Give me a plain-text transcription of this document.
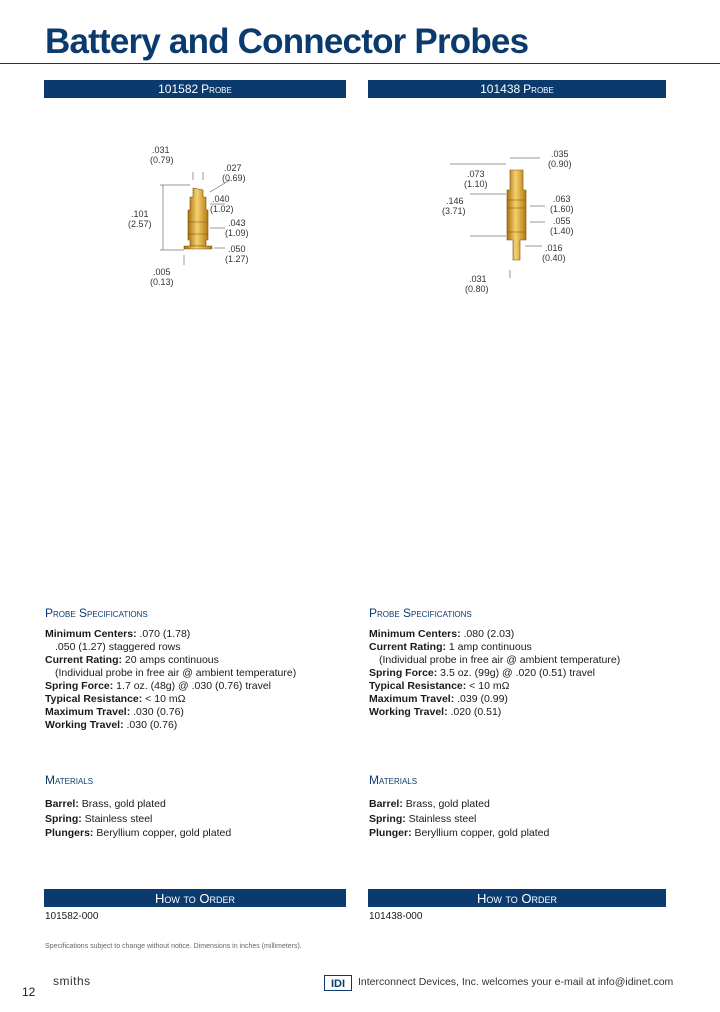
Battery and Connector Probes
101582 Probe
.031
(0.79)
.027
(0.69)
.040
(1.02)
.101
(2.57)	.043
(1.09)
.050
(1.27)
.005
(0.13)
Probe Specifications
Minimum Centers: .070 (1.78)
.050 (1.27) staggered rows
Current Rating: 20 amps continuous
(Individual probe in free air @ ambient temperature)
Spring Force: 1.7 oz. (48g) @ .030 (0.76) travel
Typical Resistance: < 10 mΩ
Maximum Travel: .030 (0.76)
Working Travel: .030 (0.76)
Materials
Barrel: Brass, gold plated
Spring: Stainless steel
Plungers: Beryllium copper, gold plated
How to Order
101582-000
101438 Probe
.035
(0.90)
.073
(1.10)
.146
(3.71)
.063
(1.60)
.055
(1.40)
.016
(0.40)
.031
(0.80)
Probe Specifications
Minimum Centers: .080 (2.03)
Current Rating: 1 amp continuous
(Individual probe in free air @ ambient temperature)
Spring Force: 3.5 oz. (99g) @ .020 (0.51) travel
Typical Resistance: < 10 mΩ
Maximum Travel: .039 (0.99)
Working Travel: .020 (0.51)
Materials
Barrel: Brass, gold plated
Spring: Stainless steel
Plunger: Beryllium copper, gold plated
How to Order
101438-000
Specifications subject to change without notice. Dimensions in inches (millimeters).
12
smiths	IDI Interconnect Devices, Inc. welcomes your e-mail at info@idinet.com
